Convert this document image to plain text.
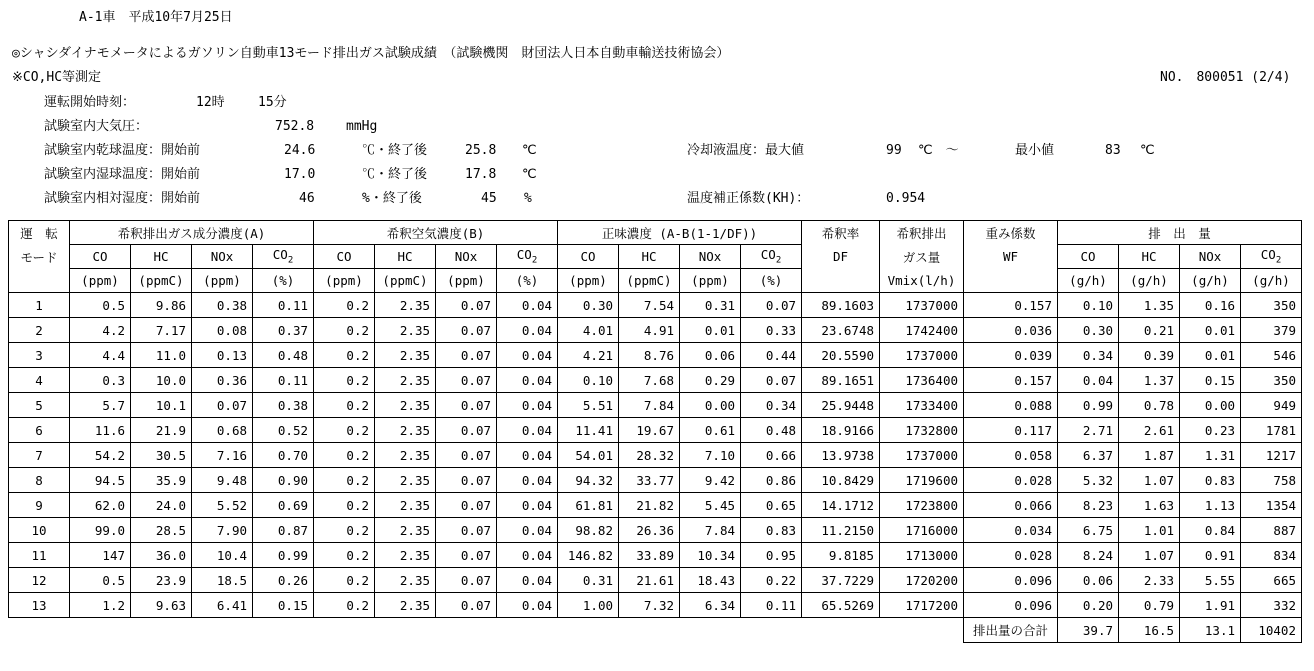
A-1車　平成10年7月25日
◎シャシダイナモメータによるガソリン自動車13モード排出ガス試験成績　（試験機関　財団法人日本自動車輸送技術協会）
※CO,HC等測定	NO.　800051 (2/4)
運転開始時刻：	12時	15分
試験室内大気圧：	752.8 mmHg
試験室内乾球温度：開始前	24.6	℃・終了後	25.8 ℃
試験室内湿球温度：開始前	17.0	℃・終了後	17.8 ℃
試験室内相対湿度：開始前	46	%・終了後	45 %
冷却液温度：最大値	99 ℃　～	最小値	83 ℃
温度補正係数(KH)：	0.954
運　転	希釈排出ガス成分濃度(A)				希釈空気濃度(B)				正味濃度 (A-B(1-1/DF))				希釈率	希釈排出	重み係数	排　出　量			
モード	CO	HC	NOx	$CO_2$	CO	HC	NOx	$CO_2$	CO	HC	NOx	$CO_2$	DF	ガス量	WF	CO	HC	NOx	$CO_2$
	(ppm)	(ppmC)	(ppm)	(%)	(ppm)	(ppmC)	(ppm)	(%)	(ppm)	(ppmC)	(ppm)	(%)		Vmix(l/h)		(g/h)	(g/h)	(g/h)	(g/h)
1	0.5	9.86	0.38	0.11	0.2	2.35	0.07	0.04	0.30	7.54	0.31	0.07	89.1603	1737000	0.157	0.10	1.35	0.16	350
2	4.2	7.17	0.08	0.37	0.2	2.35	0.07	0.04	4.01	4.91	0.01	0.33	23.6748	1742400	0.036	0.30	0.21	0.01	379
3	4.4	11.0	0.13	0.48	0.2	2.35	0.07	0.04	4.21	8.76	0.06	0.44	20.5590	1737000	0.039	0.34	0.39	0.01	546
4	0.3	10.0	0.36	0.11	0.2	2.35	0.07	0.04	0.10	7.68	0.29	0.07	89.1651	1736400	0.157	0.04	1.37	0.15	350
5	5.7	10.1	0.07	0.38	0.2	2.35	0.07	0.04	5.51	7.84	0.00	0.34	25.9448	1733400	0.088	0.99	0.78	0.00	949
6	11.6	21.9	0.68	0.52	0.2	2.35	0.07	0.04	11.41	19.67	0.61	0.48	18.9166	1732800	0.117	2.71	2.61	0.23	1781
7	54.2	30.5	7.16	0.70	0.2	2.35	0.07	0.04	54.01	28.32	7.10	0.66	13.9738	1737000	0.058	6.37	1.87	1.31	1217
8	94.5	35.9	9.48	0.90	0.2	2.35	0.07	0.04	94.32	33.77	9.42	0.86	10.8429	1719600	0.028	5.32	1.07	0.83	758
9	62.0	24.0	5.52	0.69	0.2	2.35	0.07	0.04	61.81	21.82	5.45	0.65	14.1712	1723800	0.066	8.23	1.63	1.13	1354
10	99.0	28.5	7.90	0.87	0.2	2.35	0.07	0.04	98.82	26.36	7.84	0.83	11.2150	1716000	0.034	6.75	1.01	0.84	887
11	147	36.0	10.4	0.99	0.2	2.35	0.07	0.04	146.82	33.89	10.34	0.95	9.8185	1713000	0.028	8.24	1.07	0.91	834
12	0.5	23.9	18.5	0.26	0.2	2.35	0.07	0.04	0.31	21.61	18.43	0.22	37.7229	1720200	0.096	0.06	2.33	5.55	665
13	1.2	9.63	6.41	0.15	0.2	2.35	0.07	0.04	1.00	7.32	6.34	0.11	65.5269	1717200	0.096	0.20	0.79	1.91	332
															排出量の合計	39.7	16.5	13.1	10402
